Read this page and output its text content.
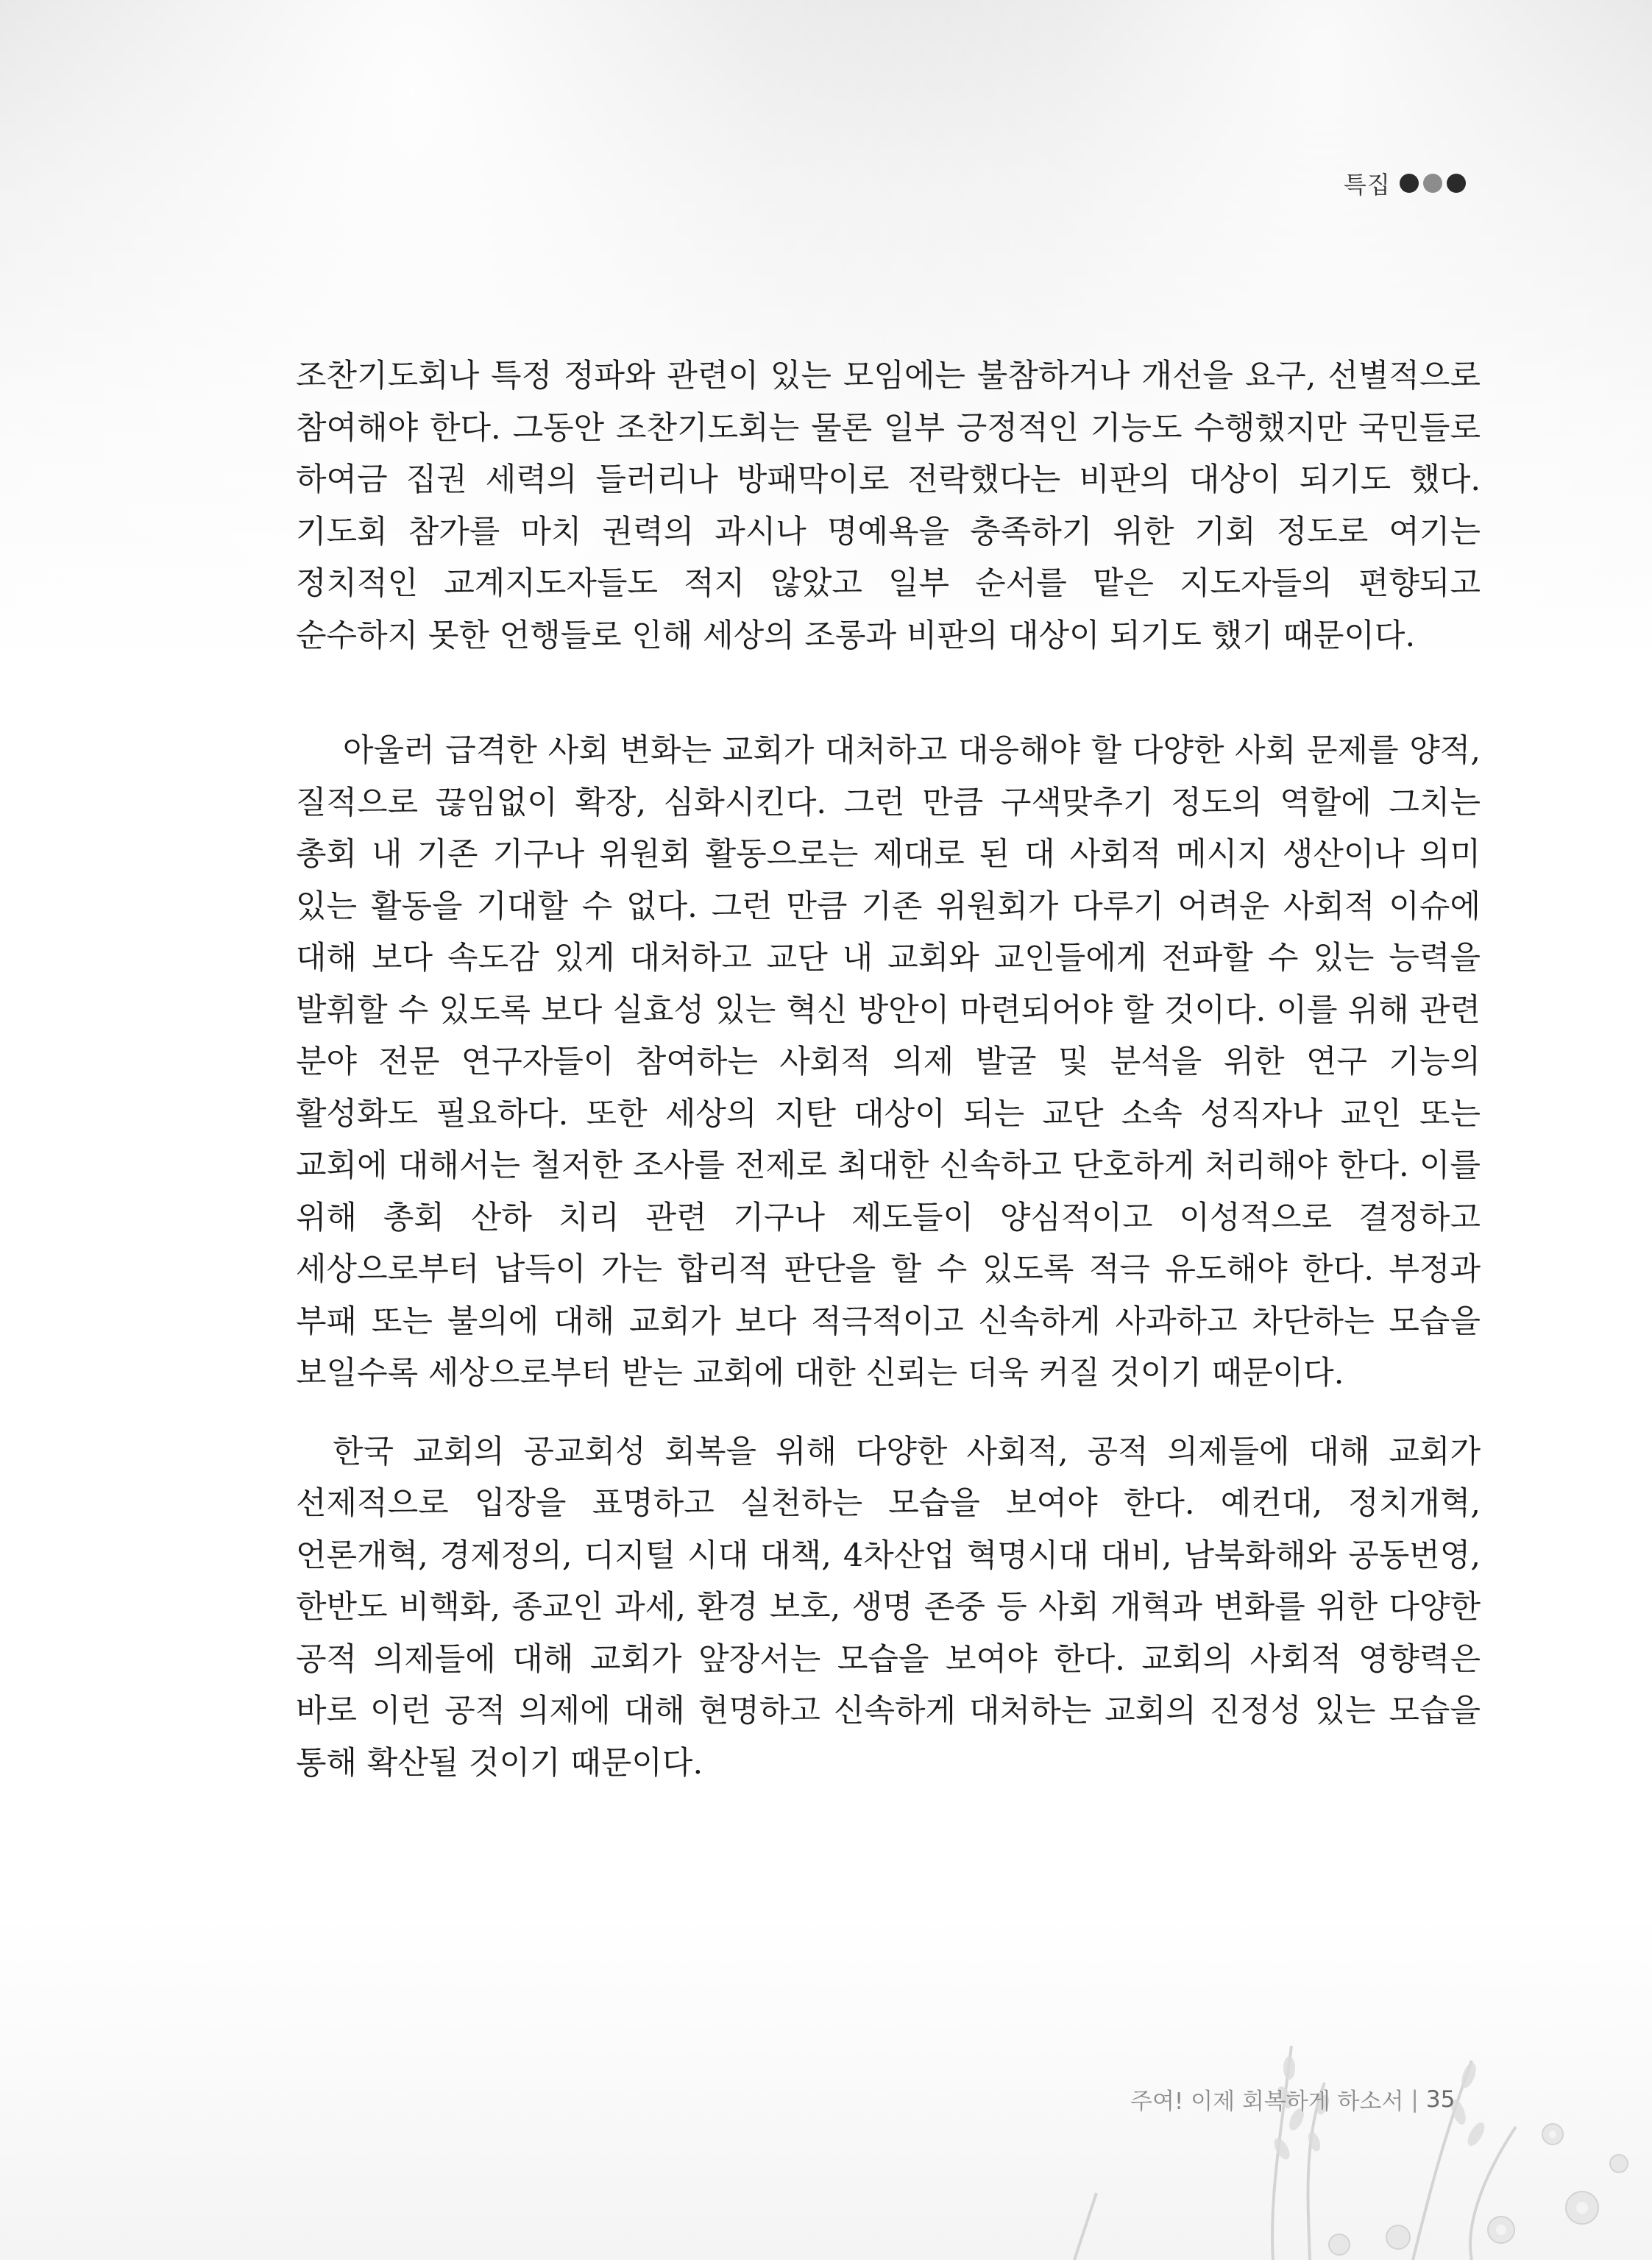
특집

조찬기도회나 특정 정파와 관련이 있는 모임에는 불참하거나 개선을 요구, 선별적으로 참여해야 한다. 그동안 조찬기도회는 물론 일부 긍정적인 기능도 수행했지만 국민들로 하여금 집권 세력의 들러리나 방패막이로 전락했다는 비판의 대상이 되기도 했다. 기도회 참가를 마치 권력의 과시나 명예욕을 충족하기 위한 기회 정도로 여기는 정치적인 교계지도자들도 적지 않았고 일부 순서를 맡은 지도자들의 편향되고 순수하지 못한 언행들로 인해 세상의 조롱과 비판의 대상이 되기도 했기 때문이다.

아울러 급격한 사회 변화는 교회가 대처하고 대응해야 할 다양한 사회 문제를 양적, 질적으로 끊임없이 확장, 심화시킨다. 그런 만큼 구색맞추기 정도의 역할에 그치는 총회 내 기존 기구나 위원회 활동으로는 제대로 된 대 사회적 메시지 생산이나 의미 있는 활동을 기대할 수 없다. 그런 만큼 기존 위원회가 다루기 어려운 사회적 이슈에 대해 보다 속도감 있게 대처하고 교단 내 교회와 교인들에게 전파할 수 있는 능력을 발휘할 수 있도록 보다 실효성 있는 혁신 방안이 마련되어야 할 것이다. 이를 위해 관련 분야 전문 연구자들이 참여하는 사회적 의제 발굴 및 분석을 위한 연구 기능의 활성화도 필요하다. 또한 세상의 지탄 대상이 되는 교단 소속 성직자나 교인 또는 교회에 대해서는 철저한 조사를 전제로 최대한 신속하고 단호하게 처리해야 한다. 이를 위해 총회 산하 치리 관련 기구나 제도들이 양심적이고 이성적으로 결정하고 세상으로부터 납득이 가는 합리적 판단을 할 수 있도록 적극 유도해야 한다. 부정과 부패 또는 불의에 대해 교회가 보다 적극적이고 신속하게 사과하고 차단하는 모습을 보일수록 세상으로부터 받는 교회에 대한 신뢰는 더욱 커질 것이기 때문이다.

한국 교회의 공교회성 회복을 위해 다양한 사회적, 공적 의제들에 대해 교회가 선제적으로 입장을 표명하고 실천하는 모습을 보여야 한다. 예컨대, 정치개혁, 언론개혁, 경제정의, 디지털 시대 대책, 4차산업 혁명시대 대비, 남북화해와 공동번영, 한반도 비핵화, 종교인 과세, 환경 보호, 생명 존중 등 사회 개혁과 변화를 위한 다양한 공적 의제들에 대해 교회가 앞장서는 모습을 보여야 한다. 교회의 사회적 영향력은 바로 이런 공적 의제에 대해 현명하고 신속하게 대처하는 교회의 진정성 있는 모습을 통해 확산될 것이기 때문이다.

주여! 이제 회복하게 하소서 | 35
